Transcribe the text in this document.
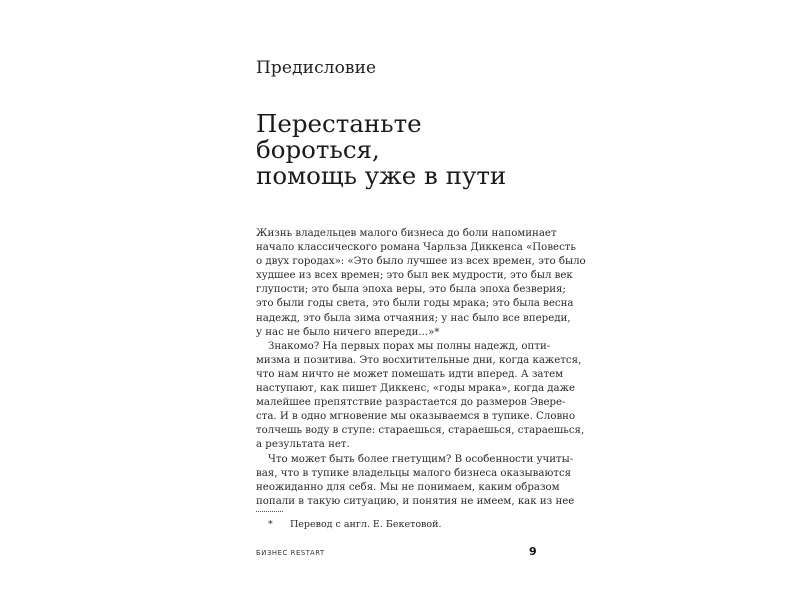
Предисловие
Перестаньте
бороться,
помощь уже в пути
Жизнь владельцев малого бизнеса до боли напоминает
начало классического романа Чарльза Диккенса «Повесть
о двух городах»: «Это было лучшее из всех времен, это было
худшее из всех времен; это был век мудрости, это был век
глупости; это была эпоха веры, это была эпоха безверия;
это были годы света, это были годы мрака; это была весна
надежд, это была зима отчаяния; у нас было все впереди,
у нас не было ничего впереди...»*
Знакомо? На первых порах мы полны надежд, опти-
мизма и позитива. Это восхитительные дни, когда кажется,
что нам ничто не может помешать идти вперед. А затем
наступают, как пишет Диккенс, «годы мрака», когда даже
малейшее препятствие разрастается до размеров Эвере-
ста. И в одно мгновение мы оказываемся в тупике. Словно
толчешь воду в ступе: стараешься, стараешься, стараешься,
а результата нет.
Что может быть более гнетущим? В особенности учиты-
вая, что в тупике владельцы малого бизнеса оказываются
неожиданно для себя. Мы не понимаем, каким образом
попали в такую ситуацию, и понятия не имеем, как из нее
* Перевод с англ. Е. Бекетовой.
БИЗНЕС RESTART	9
